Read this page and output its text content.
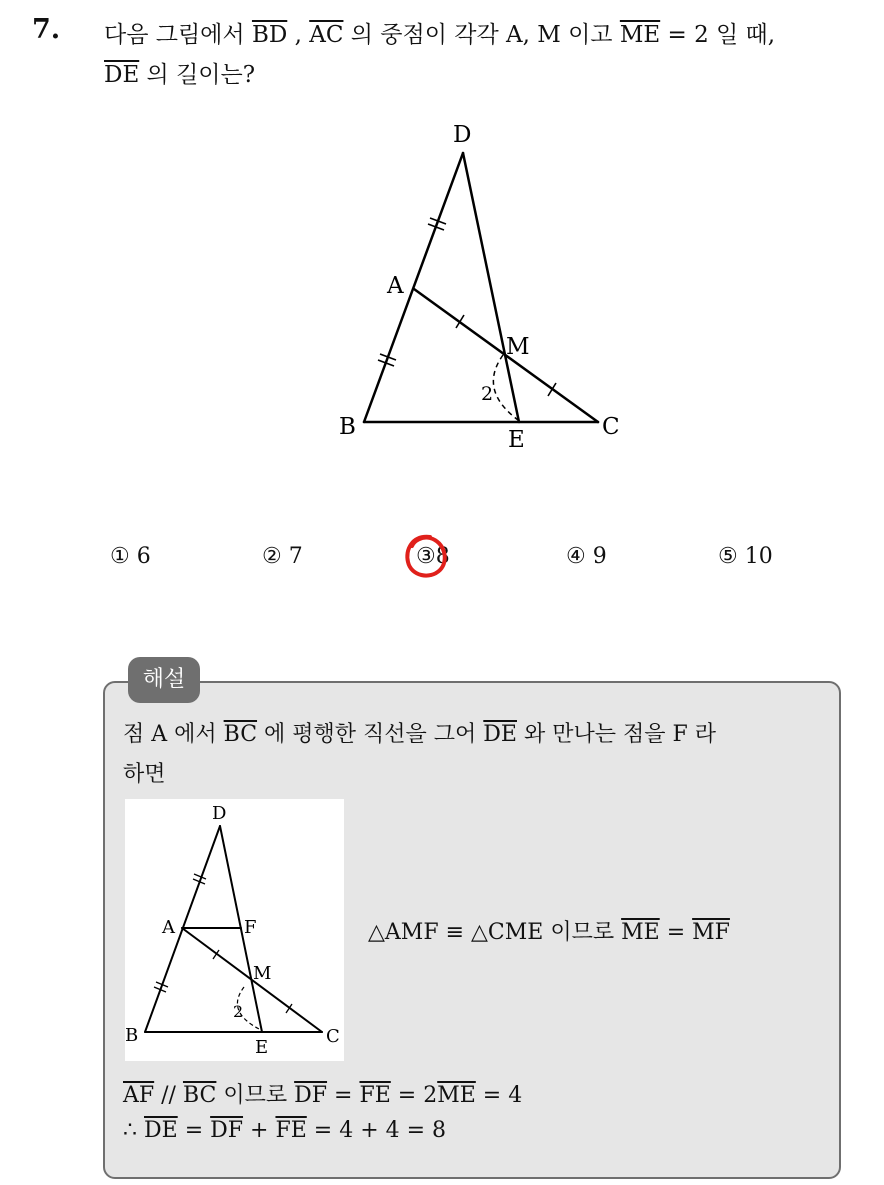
7. 다음 그림에서 $\overline{BD}$ , $\overline{AC}$ 의 중점이 각각 A, M 이고 $\overline{ME} = 2$ 일 때,
$\overline{DE}$ 의 길이는?
D
A
M
B	E	C
2
① 6	② 7	③8	④ 9	⑤ 10
해설
점 A 에서 $\overline{BC}$ 에 평행한 직선을 그어 $\overline{DE}$ 와 만나는 점을 F 라
하면
D
A	F
M
B
E
C
2
△AMF ≡ △CME 이므로 $\overline{ME} = \overline{MF}$
$\overline{AF} // \overline{BC}$ 이므로 $\overline{DF} = \overline{FE} = 2\overline{ME} = 4$
∴ $\overline{DE} = \overline{DF} + \overline{FE} = 4 + 4 = 8$
